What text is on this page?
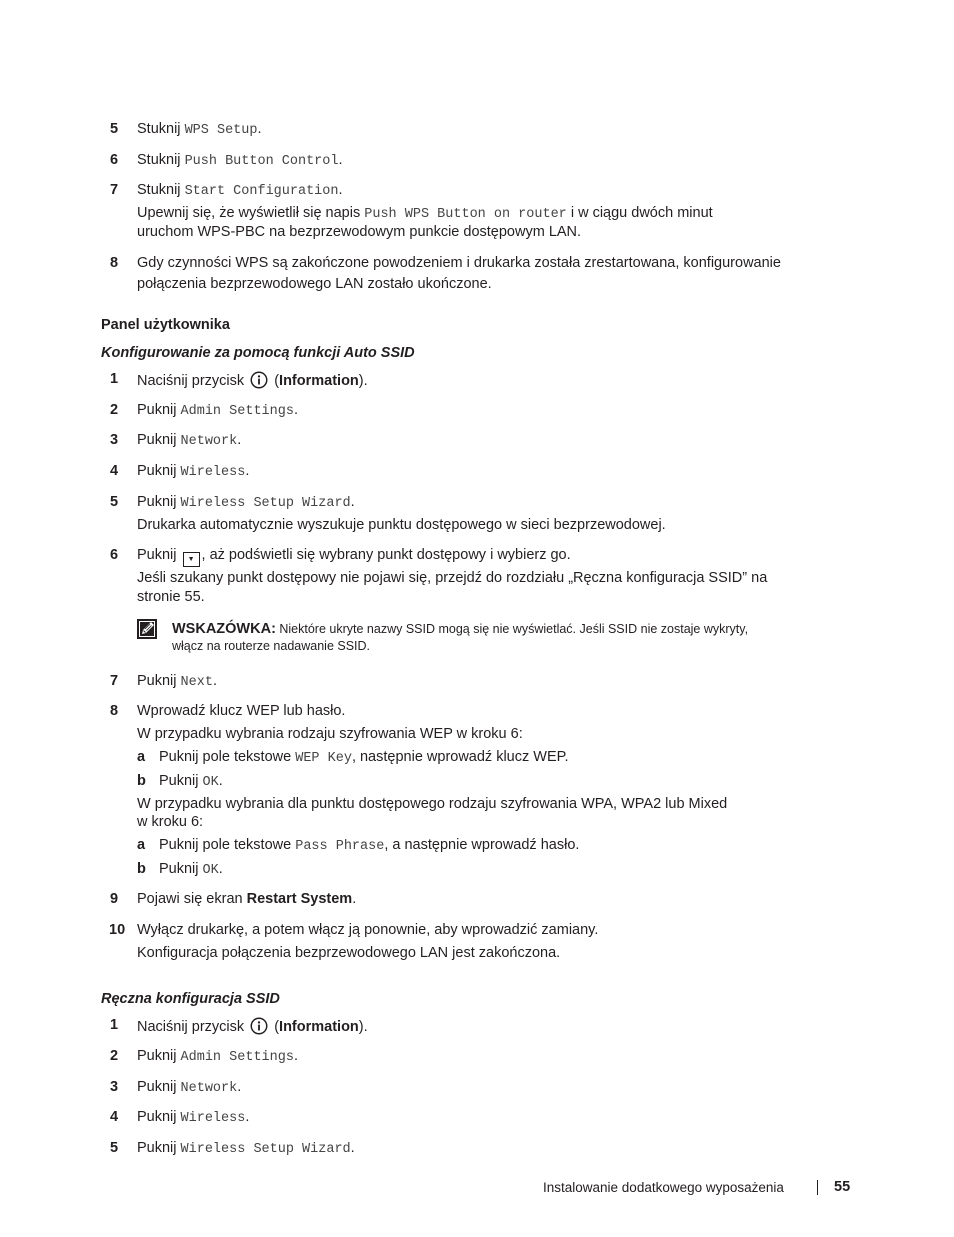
5 Stuknij WPS Setup.
6 Stuknij Push Button Control.
7 Stuknij Start Configuration.
Upewnij się, że wyświetlił się napis Push WPS Button on router i w ciągu dwóch minut
uruchom WPS-PBC na bezprzewodowym punkcie dostępowym LAN.
8 Gdy czynności WPS są zakończone powodzeniem i drukarka została zrestartowana, konfigurowanie
połączenia bezprzewodowego LAN zostało ukończone.
Panel użytkownika
Konfigurowanie za pomocą funkcji Auto SSID
1 Naciśnij przycisk  (Information).
2 Puknij Admin Settings.
3 Puknij Network.
4 Puknij Wireless.
5 Puknij Wireless Setup Wizard.
Drukarka automatycznie wyszukuje punktu dostępowego w sieci bezprzewodowej.
6 Puknij ▼ , aż podświetli się wybrany punkt dostępowy i wybierz go.
Jeśli szukany punkt dostępowy nie pojawi się, przejdź do rozdziału „Ręczna konfiguracja SSID” na
stronie 55.
WSKAZÓWKA: Niektóre ukryte nazwy SSID mogą się nie wyświetlać. Jeśli SSID nie zostaje wykryty,
włącz na routerze nadawanie SSID.
7 Puknij Next.
8 Wprowadź klucz WEP lub hasło.
W przypadku wybrania rodzaju szyfrowania WEP w kroku 6:
a Puknij pole tekstowe WEP Key, następnie wprowadź klucz WEP.
b Puknij OK.
W przypadku wybrania dla punktu dostępowego rodzaju szyfrowania WPA, WPA2 lub Mixed
w kroku 6:
a Puknij pole tekstowe Pass Phrase, a następnie wprowadź hasło.
b Puknij OK.
9 Pojawi się ekran Restart System.
10 Wyłącz drukarkę, a potem włącz ją ponownie, aby wprowadzić zamiany.
Konfiguracja połączenia bezprzewodowego LAN jest zakończona.
Ręczna konfiguracja SSID
1 Naciśnij przycisk  (Information).
2 Puknij Admin Settings.
3 Puknij Network.
4 Puknij Wireless.
5 Puknij Wireless Setup Wizard.
Instalowanie dodatkowego wyposażenia	55
